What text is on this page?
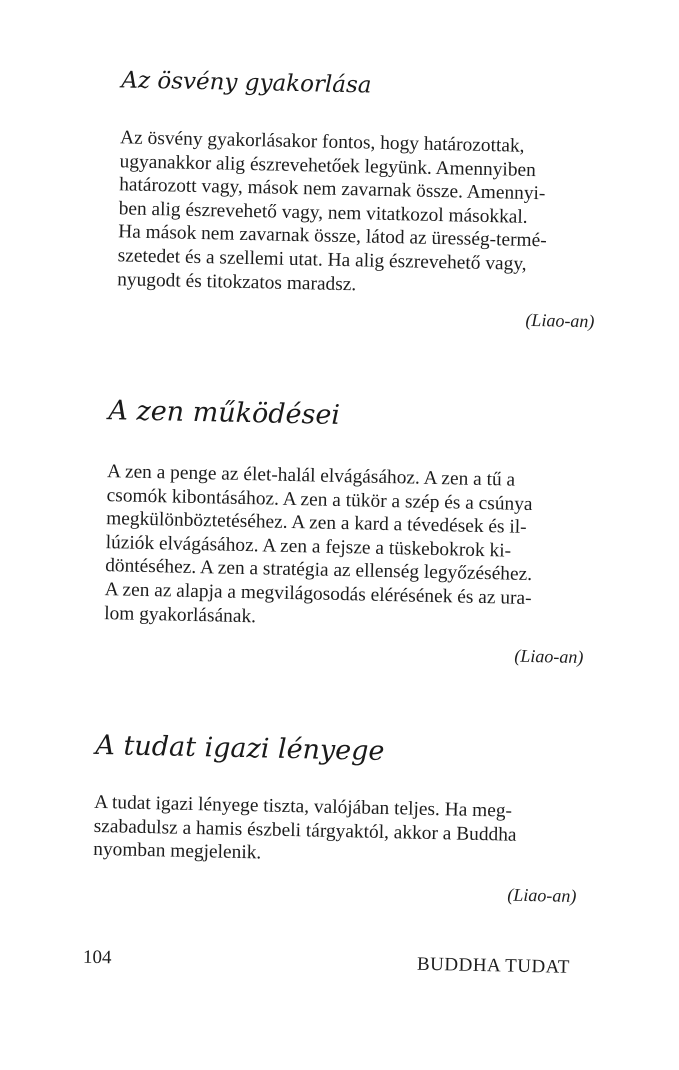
Az ösvény gyakorlása

Az ösvény gyakorlásakor fontos, hogy határozottak,
ugyanakkor alig észrevehetőek legyünk. Amennyiben
határozott vagy, mások nem zavarnak össze. Amennyi-
ben alig észrevehető vagy, nem vitatkozol másokkal.
Ha mások nem zavarnak össze, látod az üresség-termé-
szetedet és a szellemi utat. Ha alig észrevehető vagy,
nyugodt és titokzatos maradsz.

(Liao-an)

A zen működései

A zen a penge az élet-halál elvágásához. A zen a tű a
csomók kibontásához. A zen a tükör a szép és a csúnya
megkülönböztetéséhez. A zen a kard a tévedések és il-
lúziók elvágásához. A zen a fejsze a tüskebokrok ki-
döntéséhez. A zen a stratégia az ellenség legyőzéséhez.
A zen az alapja a megvilágosodás elérésének és az ura-
lom gyakorlásának.

(Liao-an)

A tudat igazi lényege

A tudat igazi lényege tiszta, valójában teljes. Ha meg-
szabadulsz a hamis észbeli tárgyaktól, akkor a Buddha
nyomban megjelenik.

(Liao-an)

104	BUDDHA TUDAT
